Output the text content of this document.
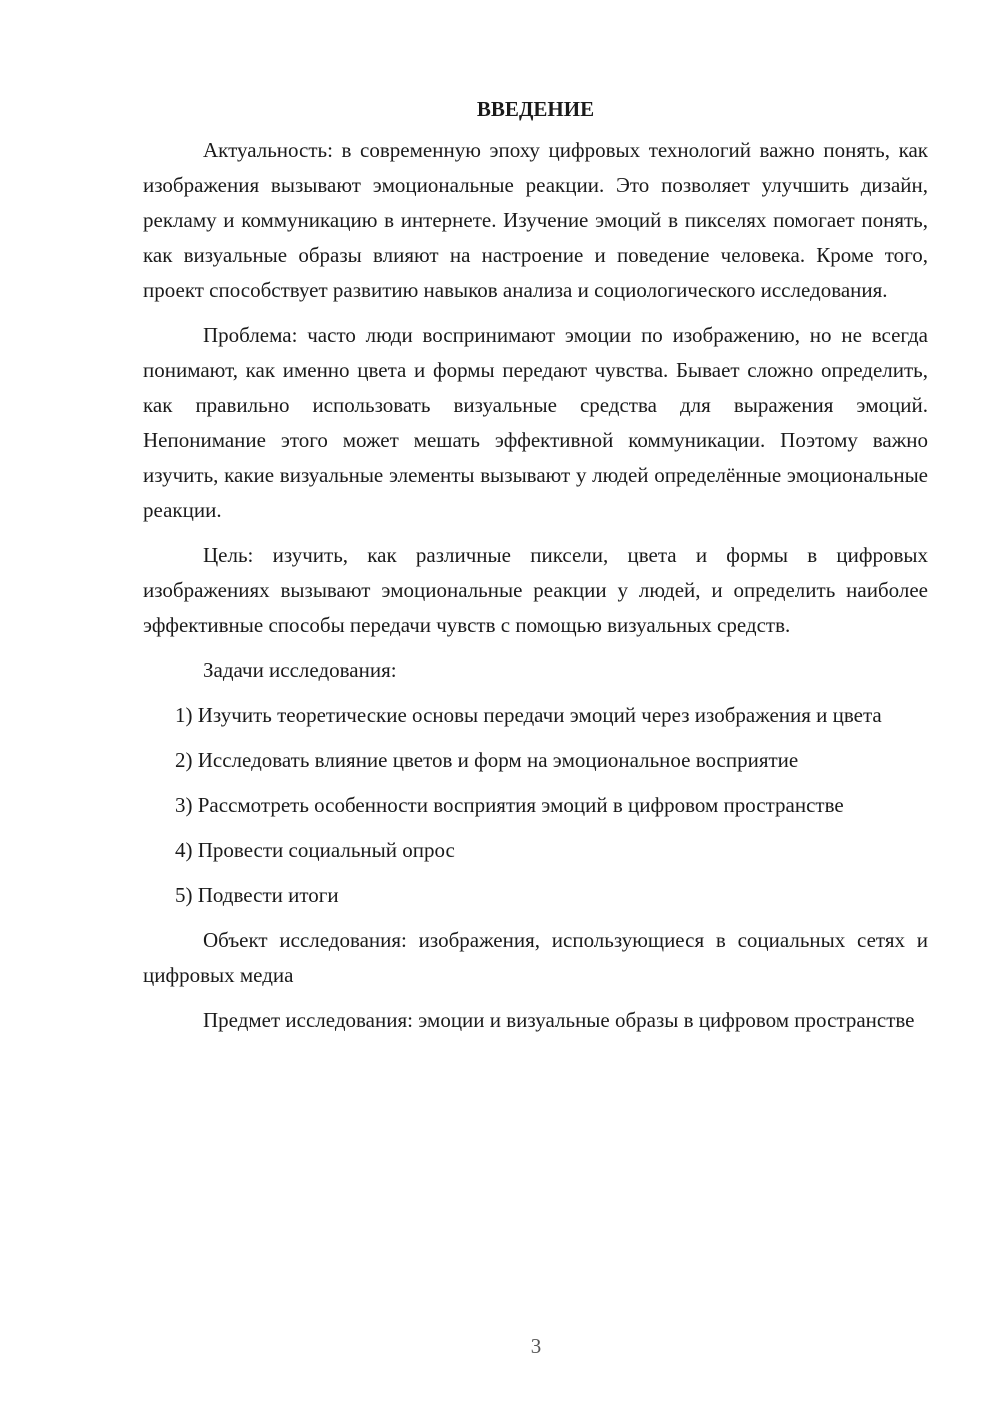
ВВЕДЕНИЕ

Актуальность: в современную эпоху цифровых технологий важно понять, как изображения вызывают эмоциональные реакции. Это позволяет улучшить дизайн, рекламу и коммуникацию в интернете. Изучение эмоций в пикселях помогает понять, как визуальные образы влияют на настроение и поведение человека. Кроме того, проект способствует развитию навыков анализа и социологического исследования.

Проблема: часто люди воспринимают эмоции по изображению, но не всегда понимают, как именно цвета и формы передают чувства. Бывает сложно определить, как правильно использовать визуальные средства для выражения эмоций. Непонимание этого может мешать эффективной коммуникации. Поэтому важно изучить, какие визуальные элементы вызывают у людей определённые эмоциональные реакции.

Цель: изучить, как различные пиксели, цвета и формы в цифровых изображениях вызывают эмоциональные реакции у людей, и определить наиболее эффективные способы передачи чувств с помощью визуальных средств.

Задачи исследования:

1) Изучить теоретические основы передачи эмоций через изображения и цвета

2) Исследовать влияние цветов и форм на эмоциональное восприятие

3) Рассмотреть особенности восприятия эмоций в цифровом пространстве

4) Провести социальный опрос

5) Подвести итоги

Объект исследования: изображения, использующиеся в социальных сетях и цифровых медиа

Предмет исследования: эмоции и визуальные образы в цифровом пространстве

3
